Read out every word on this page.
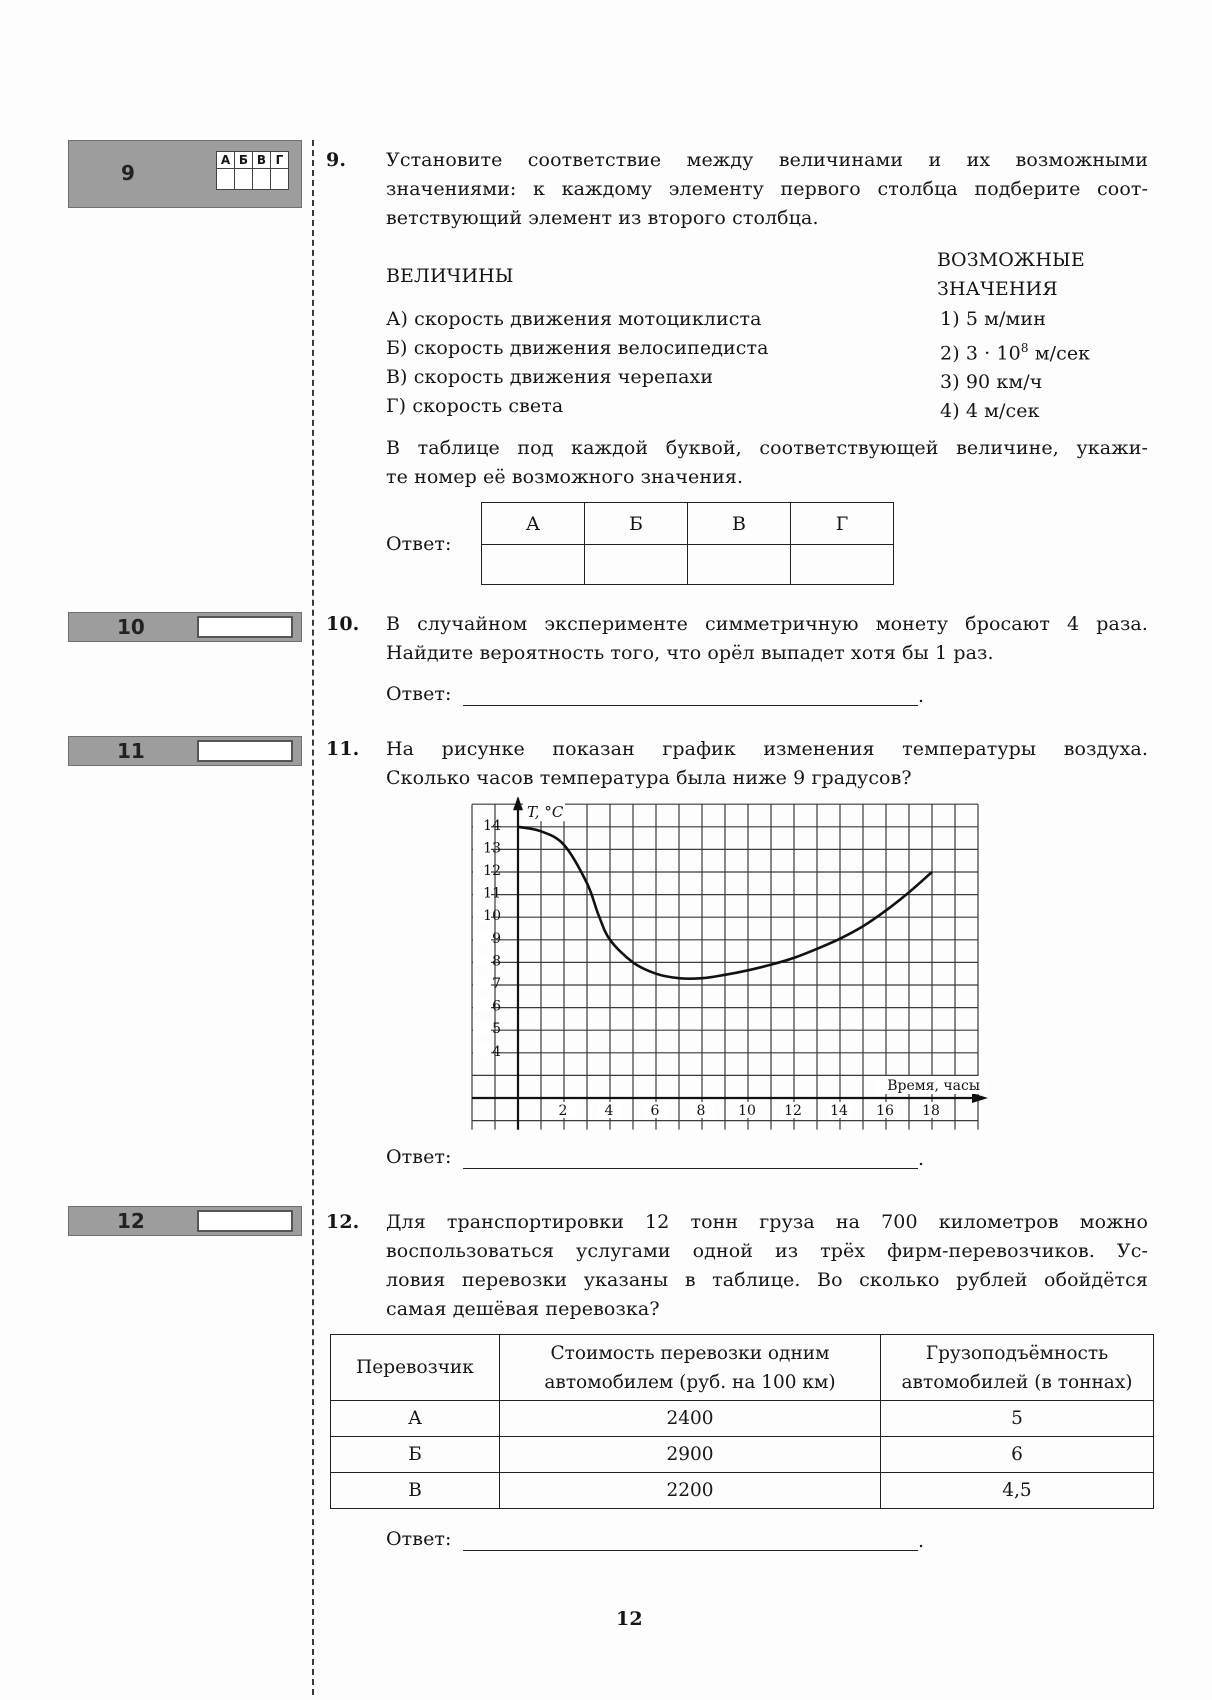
9
А	Б	В	Г

10
11
12
9. Установите соответствие между величинами и их возможными
значениями: к каждому элементу первого столбца подберите соот-
ветствующий элемент из второго столбца.
ВЕЛИЧИНЫ
ВОЗМОЖНЫЕ
ЗНАЧЕНИЯ
А) скорость движения мотоциклиста
Б) скорость движения велосипедиста
В) скорость движения черепахи
Г) скорость света
1) 5 м/мин
2) $3 \cdot 10^8$ м/сек
3) 90 км/ч
4) 4 м/сек
В таблице под каждой буквой, соответствующей величине, укажи-
те номер её возможного значения.
Ответ:
А	Б	В	Г

10. В случайном эксперименте симметричную монету бросают 4 раза.
Найдите вероятность того, что орёл выпадет хотя бы 1 раз.
Ответ:	.
11. На рисунке показан график изменения температуры воздуха.
Сколько часов температура была ниже 9 градусов?
4
5
6
7
8
9
10
11
12
13
14
2	4	6	8 10 12 14 16 18
T, °C
Время, часы
Ответ:	.
12. Для транспортировки 12 тонн груза на 700 километров можно
воспользоваться услугами одной из трёх фирм-перевозчиков. Ус-
ловия перевозки указаны в таблице. Во сколько рублей обойдётся
самая дешёвая перевозка?
Перевозчик	Стоимость перевозки одним автомобилем (руб. на 100 км)	Грузоподъёмность автомобилей (в тоннах)
А	2400	5
Б	2900	6
В	2200	4,5
Ответ:	.
12
